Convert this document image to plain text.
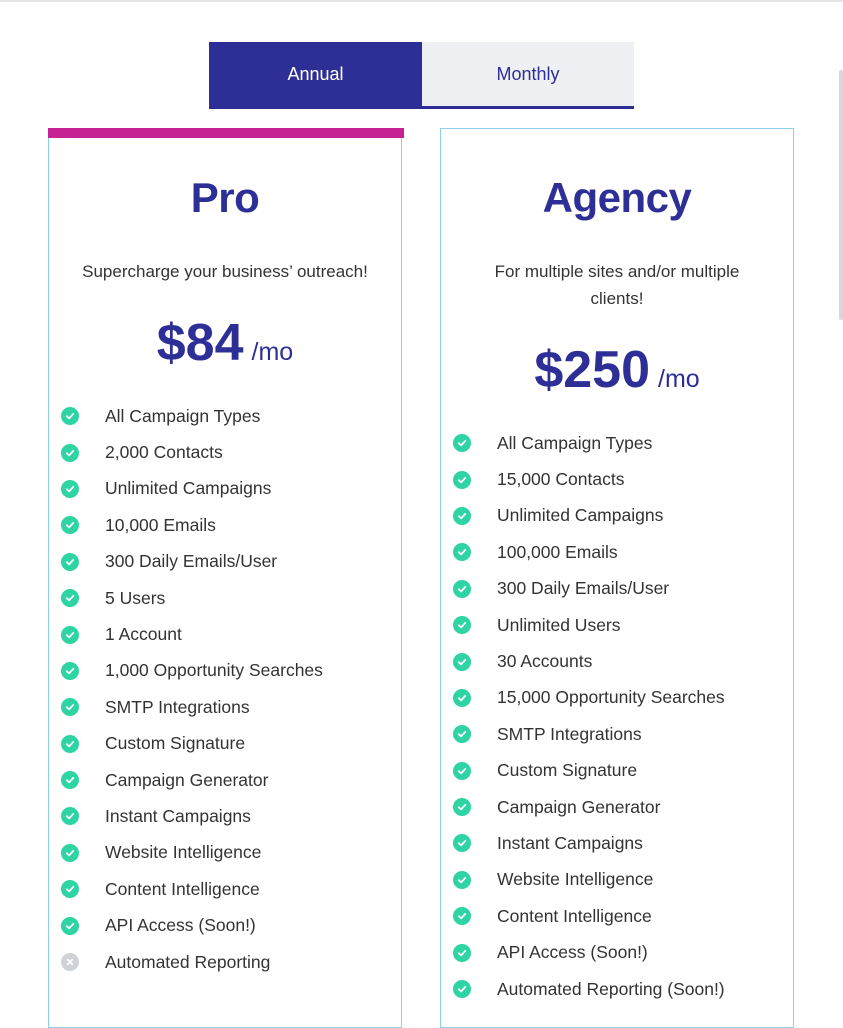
Annual	Monthly
Pro
Supercharge your business’ outreach!
$84 /mo
All Campaign Types
2,000 Contacts
Unlimited Campaigns
10,000 Emails
300 Daily Emails/User
5 Users
1 Account
1,000 Opportunity Searches
SMTP Integrations
Custom Signature
Campaign Generator
Instant Campaigns
Website Intelligence
Content Intelligence
API Access (Soon!)
Automated Reporting
Agency
For multiple sites and/or multiple
clients!
$250 /mo
All Campaign Types
15,000 Contacts
Unlimited Campaigns
100,000 Emails
300 Daily Emails/User
Unlimited Users
30 Accounts
15,000 Opportunity Searches
SMTP Integrations
Custom Signature
Campaign Generator
Instant Campaigns
Website Intelligence
Content Intelligence
API Access (Soon!)
Automated Reporting (Soon!)
